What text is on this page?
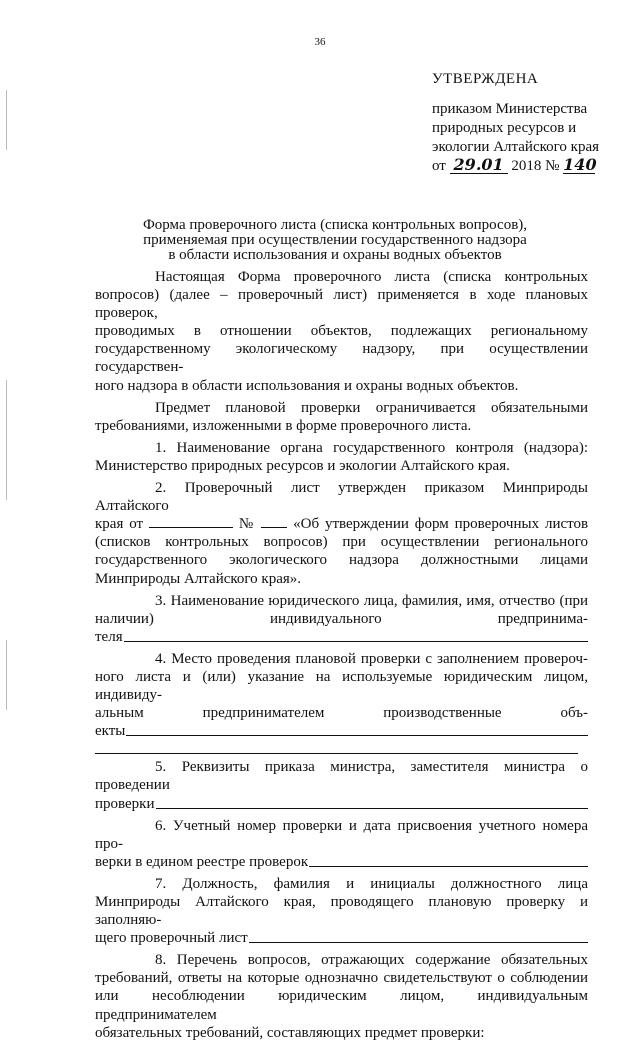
36
УТВЕРЖДЕНА
приказом Министерства
природных ресурсов и
экологии Алтайского края
от 29.01 2018 № 140
Форма проверочного листа (списка контрольных вопросов),
применяемая при осуществлении государственного надзора
в области использования и охраны водных объектов

Настоящая Форма проверочного листа (списка контрольных

вопросов) (далее – проверочный лист) применяется в ходе плановых проверок,

проводимых в отношении объектов, подлежащих региональному

государственному экологическому надзору, при осуществлении государствен-

ного надзора в области использования и охраны водных объектов.

Предмет плановой проверки ограничивается обязательными

требованиями, изложенными в форме проверочного листа.

1. Наименование органа государственного контроля (надзора):

Министерство природных ресурсов и экологии Алтайского края.

2. Проверочный лист утвержден приказом Минприроды Алтайского

края от	№	«Об утверждении форм проверочных листов

(списков контрольных вопросов) при осуществлении регионального

государственного экологического надзора должностными лицами

Минприроды Алтайского края».

3. Наименование юридического лица, фамилия, имя, отчество (при

наличии) индивидуального предпринима-

теля

4. Место проведения плановой проверки с заполнением провероч-

ного листа и (или) указание на используемые юридическим лицом, индивиду-

альным предпринимателем производственные объ-

екты

5. Реквизиты приказа министра, заместителя министра о проведении

проверки

6. Учетный номер проверки и дата присвоения учетного номера про-

верки в едином реестре проверок

7. Должность, фамилия и инициалы должностного лица

Минприроды Алтайского края, проводящего плановую проверку и заполняю-

щего проверочный лист

8. Перечень вопросов, отражающих содержание обязательных

требований, ответы на которые однозначно свидетельствуют о соблюдении

или несоблюдении юридическим лицом, индивидуальным предпринимателем

обязательных требований, составляющих предмет проверки:
